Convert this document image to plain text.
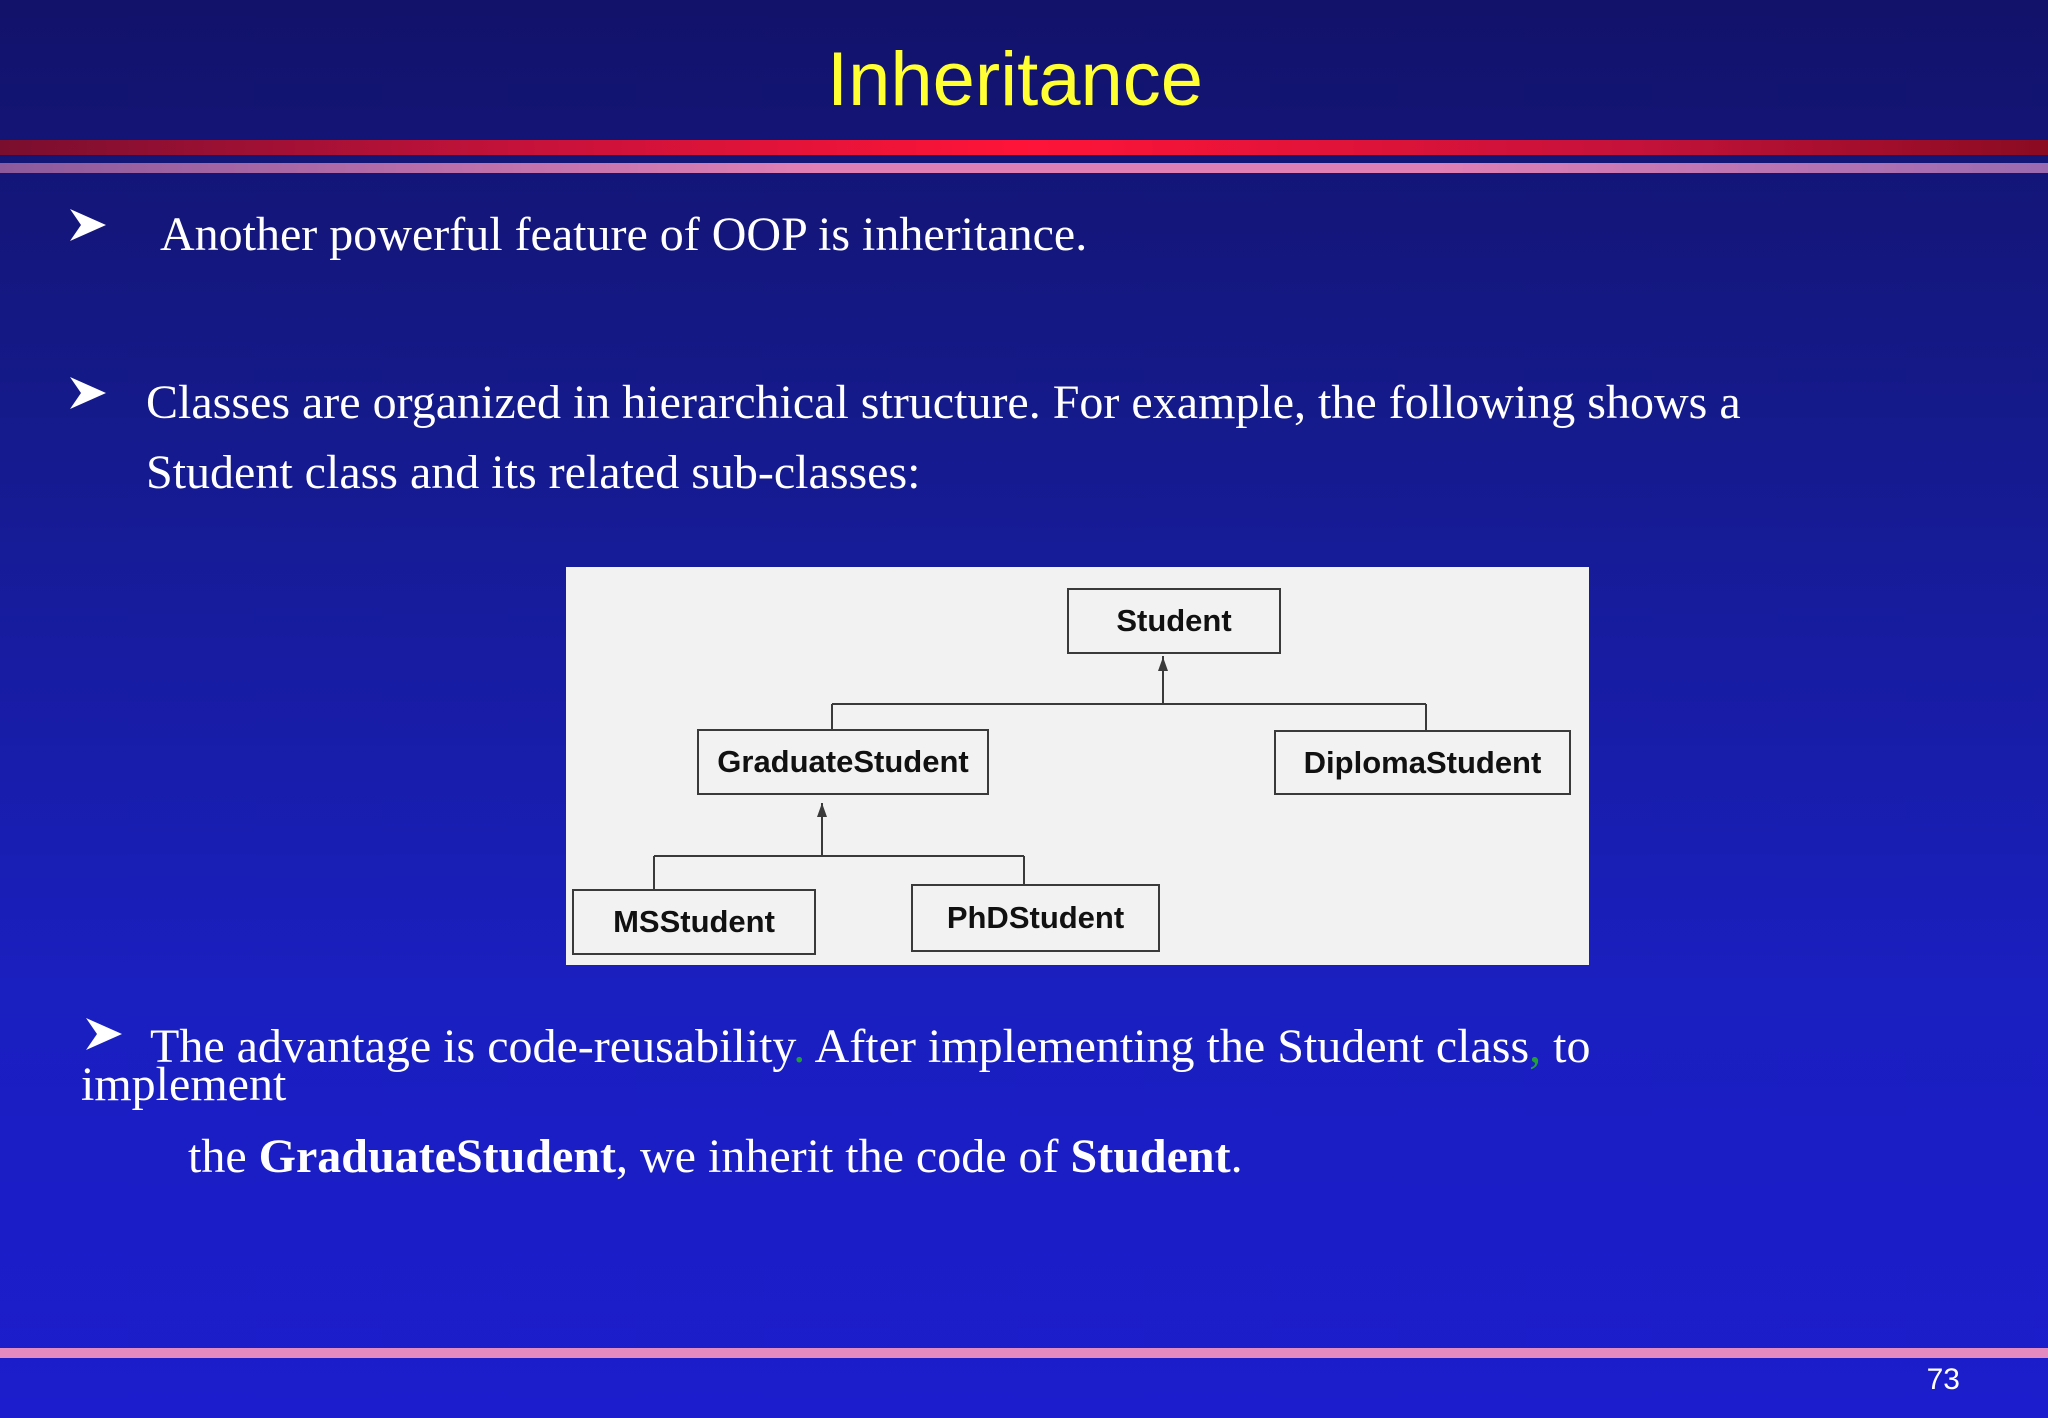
Inheritance
Another powerful feature of OOP is inheritance.
Classes are organized in hierarchical structure. For example, the following shows a
Student class and its related sub-classes:
Student
GraduateStudent	DiplomaStudent
MSStudent	PhDStudent
The advantage is code-reusability. After implementing the Student class, to
implement
the GraduateStudent, we inherit the code of Student.
73
